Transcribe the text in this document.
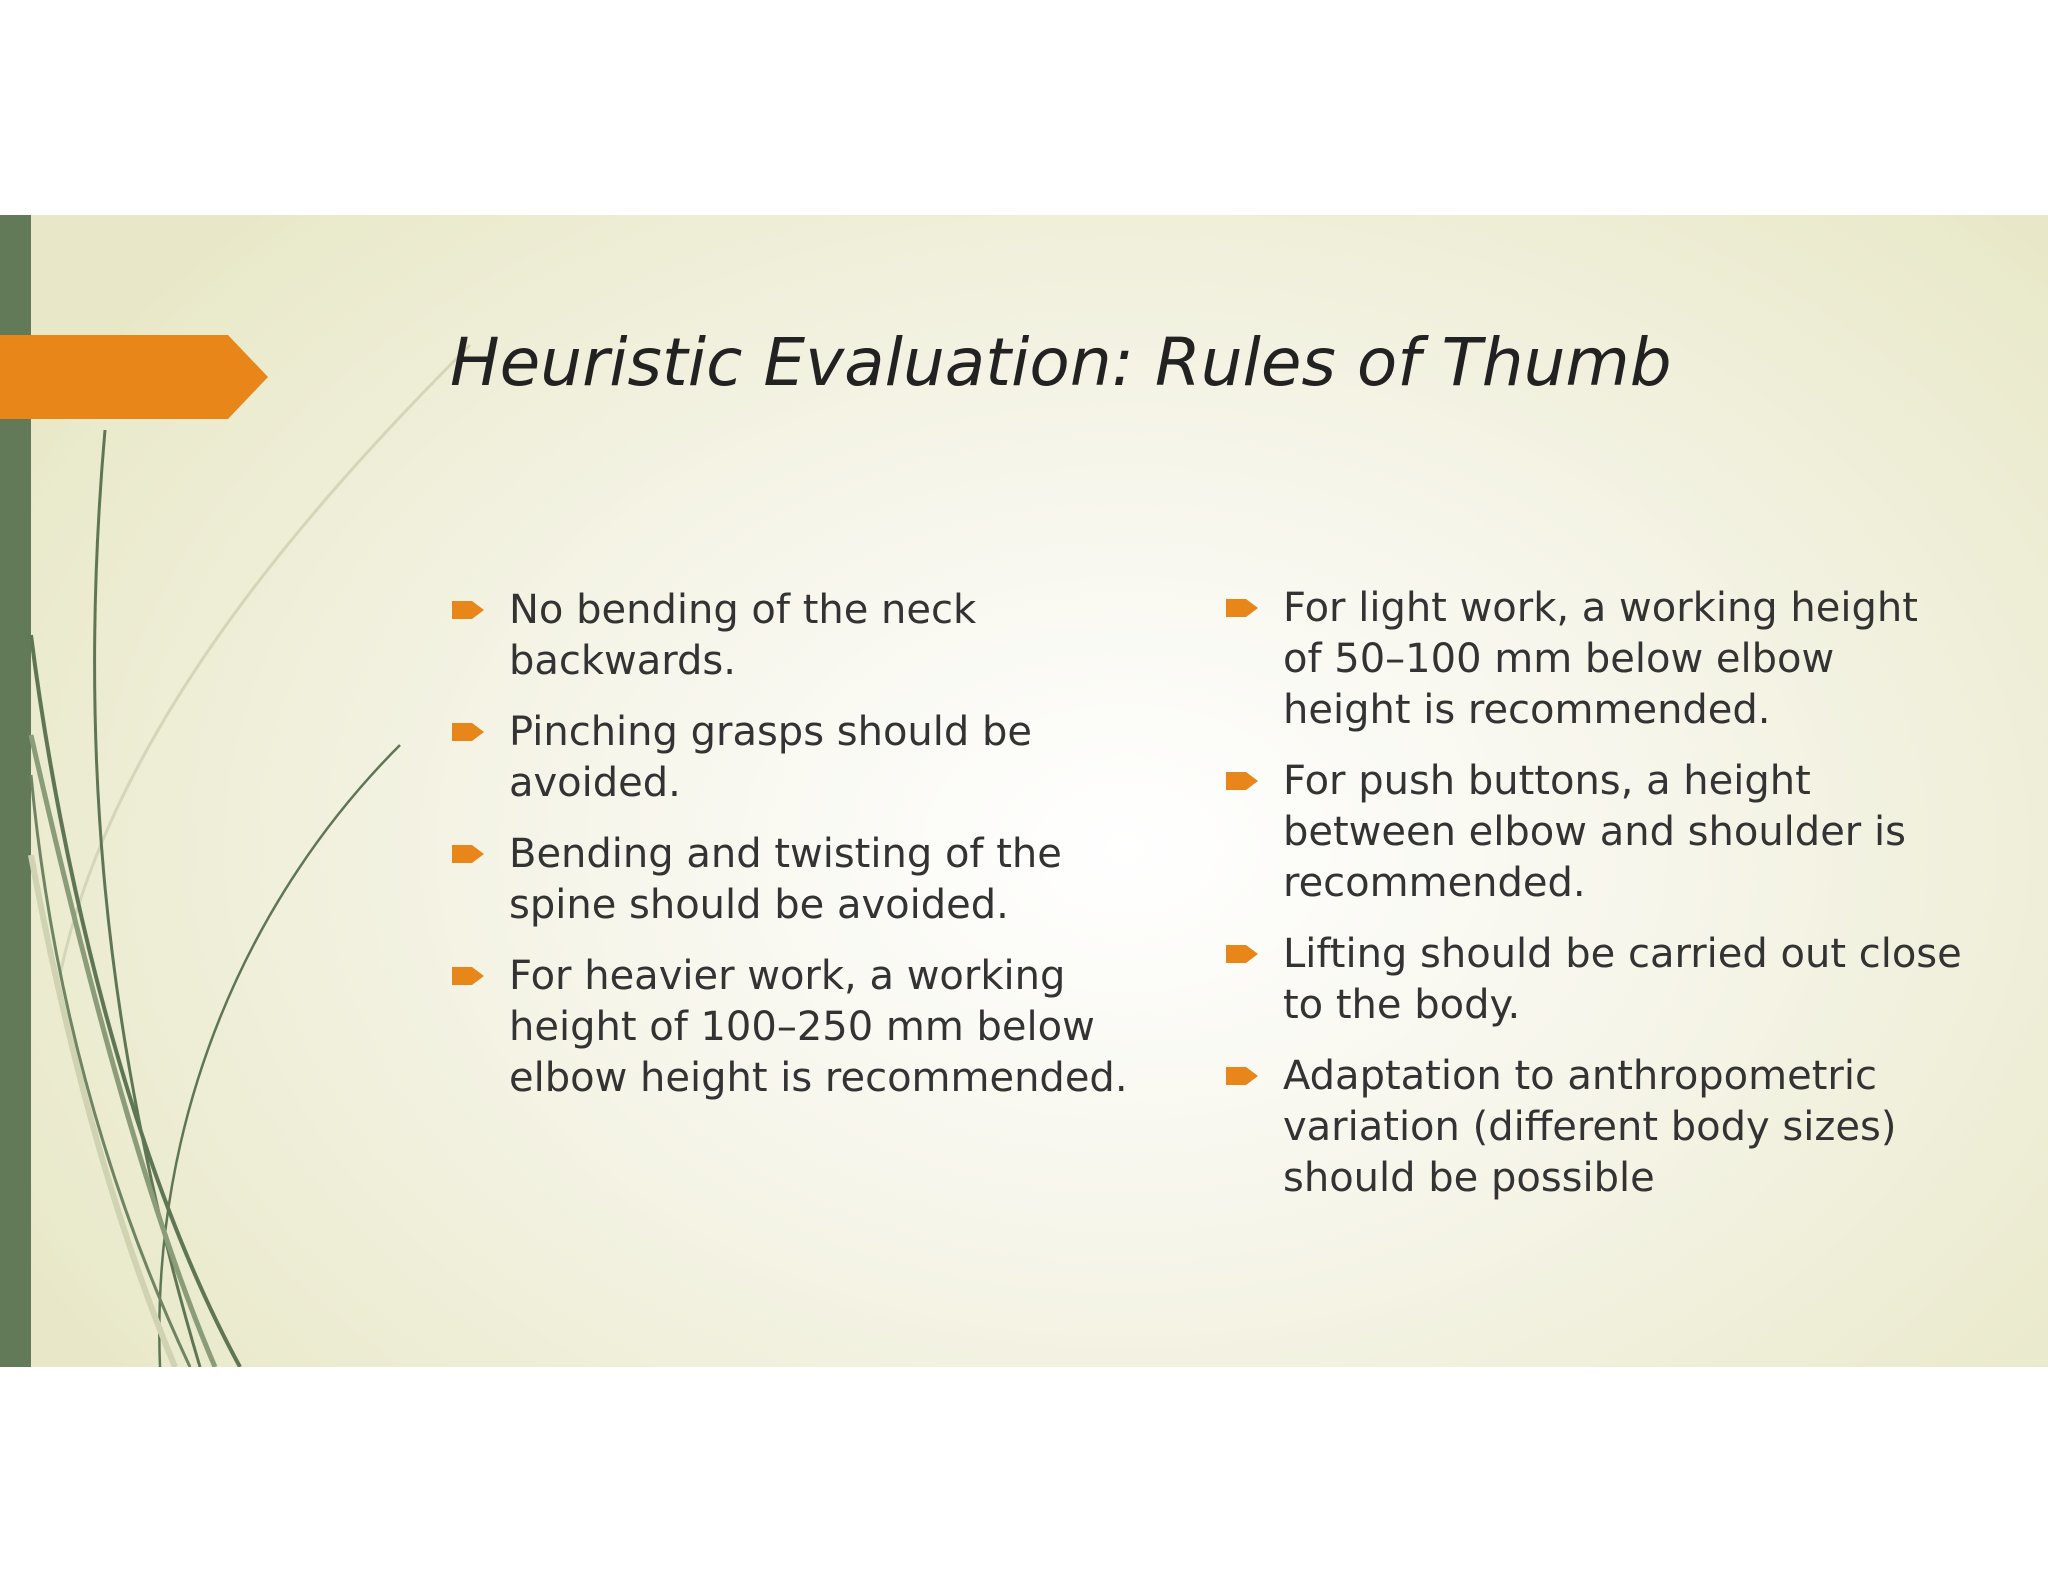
Heuristic Evaluation: Rules of Thumb
No bending of the neck backwards.
Pinching grasps should be avoided.
Bending and twisting of the spine should be avoided.
For heavier work, a working height of 100–250 mm below elbow height is recommended.
For light work, a working height of 50–100 mm below elbow height is recommended.
For push buttons, a height between elbow and shoulder is recommended.
Lifting should be carried out close to the body.
Adaptation to anthropometric variation (different body sizes) should be possible
